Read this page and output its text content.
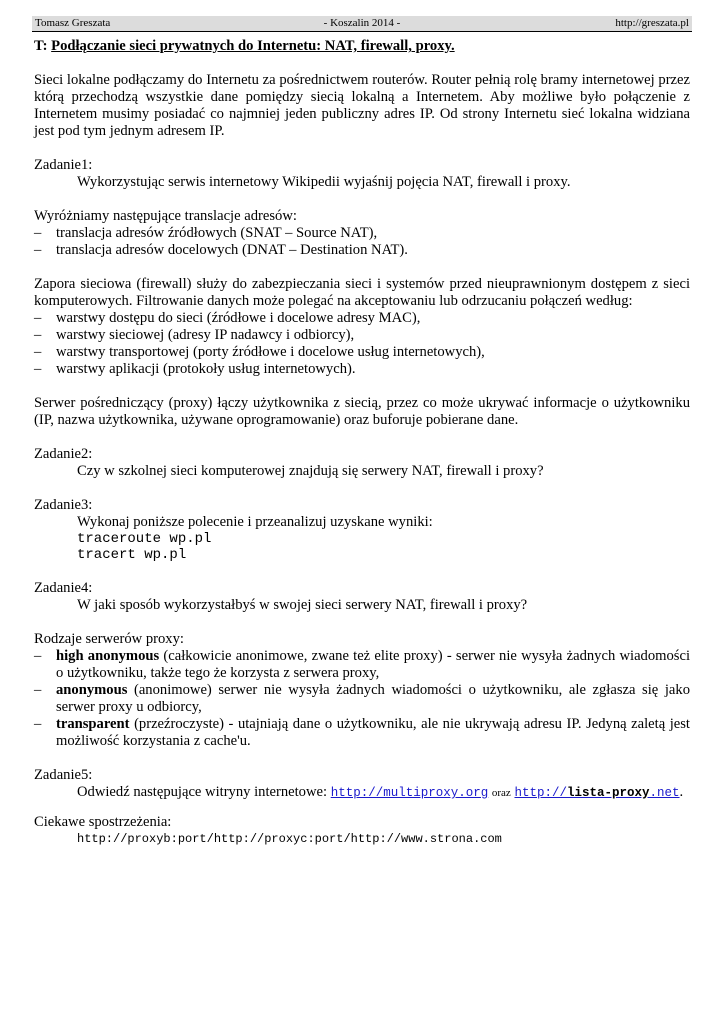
Tomasz Greszata	- Koszalin 2014 -	http://greszata.pl

T: Podłączanie sieci prywatnych do Internetu: NAT, firewall, proxy.

Sieci lokalne podłączamy do Internetu za pośrednictwem routerów. Router pełnią rolę bramy internetowej przez którą przechodzą wszystkie dane pomiędzy siecią lokalną a Internetem. Aby możliwe było połączenie z Internetem musimy posiadać co najmniej jeden publiczny adres IP. Od strony Internetu sieć lokalna widziana jest pod tym jednym adresem IP.

Zadanie1:

Wykorzystując serwis internetowy Wikipedii wyjaśnij pojęcia NAT, firewall i proxy.

Wyróżniamy następujące translacje adresów:

– translacja adresów źródłowych (SNAT – Source NAT),
– translacja adresów docelowych (DNAT – Destination NAT).

Zapora sieciowa (firewall) służy do zabezpieczania sieci i systemów przed nieuprawnionym dostępem z sieci komputerowych. Filtrowanie danych może polegać na akceptowaniu lub odrzucaniu połączeń według:

– warstwy dostępu do sieci (źródłowe i docelowe adresy MAC),
– warstwy sieciowej (adresy IP nadawcy i odbiorcy),
– warstwy transportowej (porty źródłowe i docelowe usług internetowych),
– warstwy aplikacji (protokoły usług internetowych).

Serwer pośredniczący (proxy) łączy użytkownika z siecią, przez co może ukrywać informacje o użytkowniku (IP, nazwa użytkownika, używane oprogramowanie) oraz buforuje pobierane dane.

Zadanie2:

Czy w szkolnej sieci komputerowej znajdują się serwery NAT, firewall i proxy?

Zadanie3:

Wykonaj poniższe polecenie i przeanalizuj uzyskane wyniki:

traceroute wp.pl

tracert wp.pl

Zadanie4:

W jaki sposób wykorzystałbyś w swojej sieci serwery NAT, firewall i proxy?

Rodzaje serwerów proxy:

– high anonymous (całkowicie anonimowe, zwane też elite proxy) - serwer nie wysyła żadnych wiadomości o użytkowniku, także tego że korzysta z serwera proxy,
– anonymous (anonimowe) serwer nie wysyła żadnych wiadomości o użytkowniku, ale zgłasza się jako serwer proxy u odbiorcy,
– transparent (przeźroczyste) - utajniają dane o użytkowniku, ale nie ukrywają adresu IP. Jedyną zaletą jest możliwość korzystania z cache'u.

Zadanie5:

Odwiedź następujące witryny internetowe: http://multiproxy.org oraz http://lista-proxy.net.

Ciekawe spostrzeżenia:

http://proxyb:port/http://proxyc:port/http://www.strona.com
